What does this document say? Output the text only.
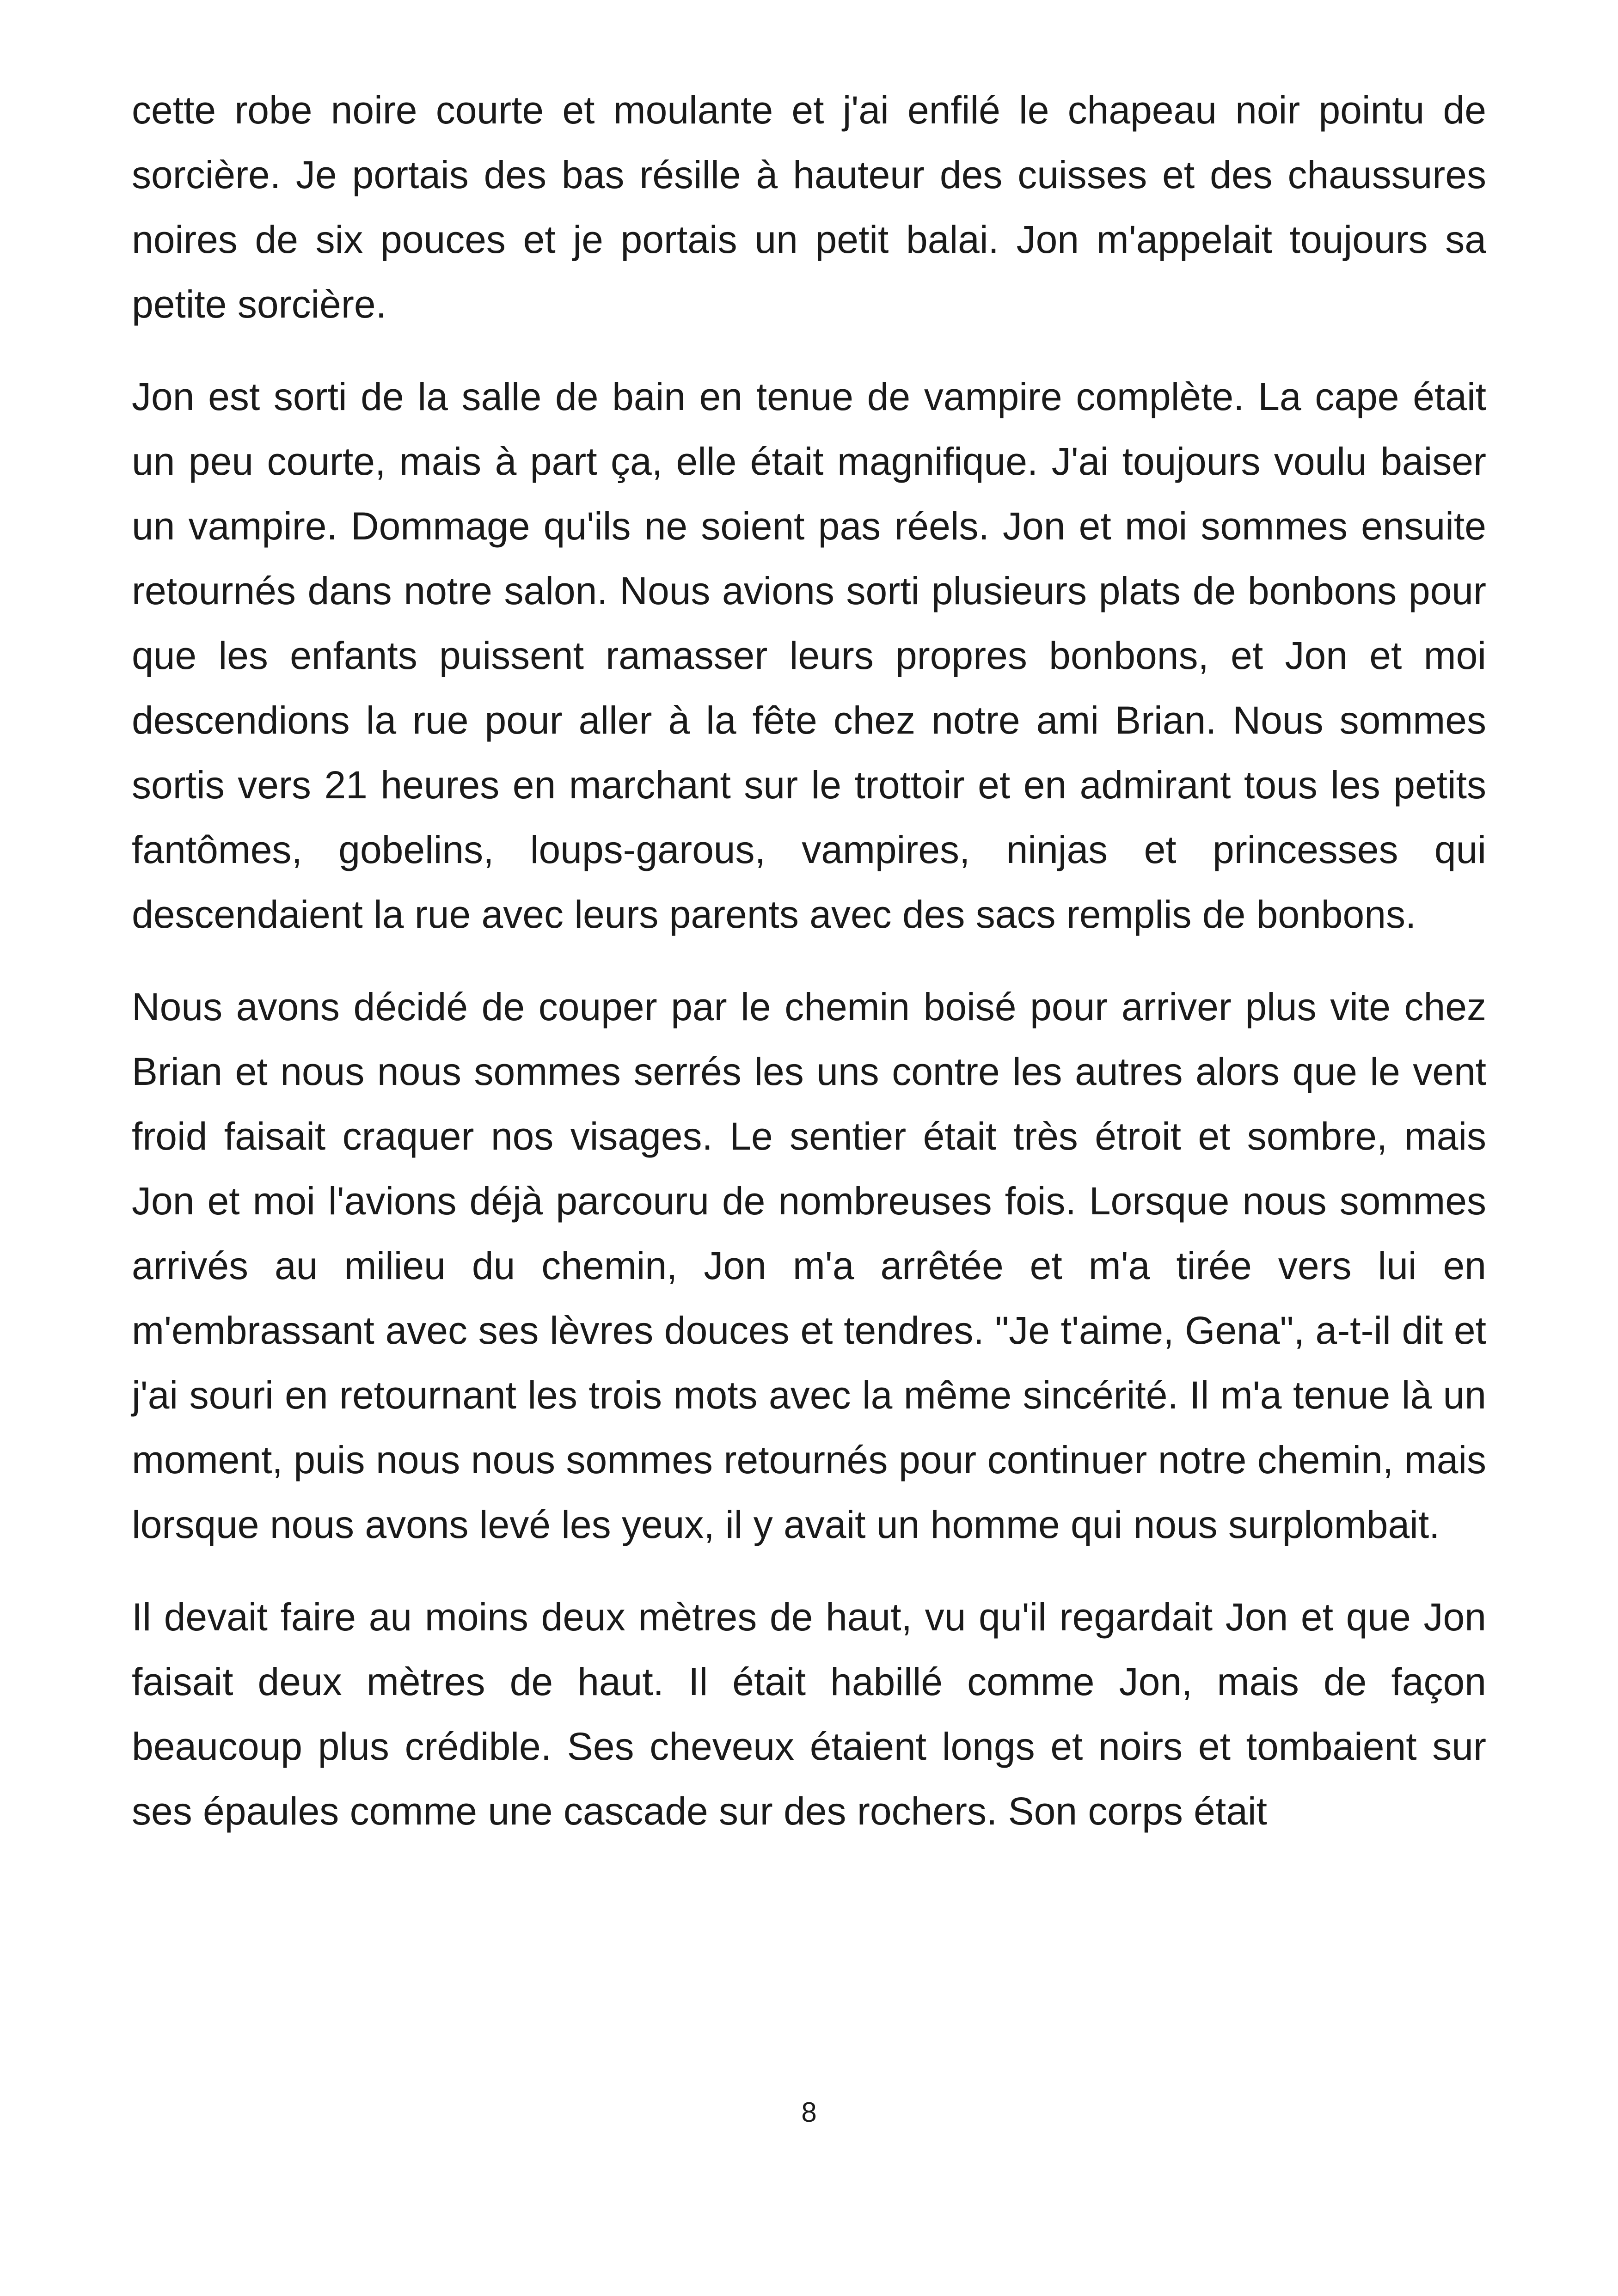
cette robe noire courte et moulante et j'ai enfilé le chapeau noir pointu de sorcière. Je portais des bas résille à hauteur des cuisses et des chaussures noires de six pouces et je portais un petit balai. Jon m'appelait toujours sa petite sorcière.

Jon est sorti de la salle de bain en tenue de vampire complète. La cape était un peu courte, mais à part ça, elle était magnifique. J'ai toujours voulu baiser un vampire. Dommage qu'ils ne soient pas réels. Jon et moi sommes ensuite retournés dans notre salon. Nous avions sorti plusieurs plats de bonbons pour que les enfants puissent ramasser leurs propres bonbons, et Jon et moi descendions la rue pour aller à la fête chez notre ami Brian. Nous sommes sortis vers 21 heures en marchant sur le trottoir et en admirant tous les petits fantômes, gobelins, loups-garous, vampires, ninjas et princesses qui descendaient la rue avec leurs parents avec des sacs remplis de bonbons.

Nous avons décidé de couper par le chemin boisé pour arriver plus vite chez Brian et nous nous sommes serrés les uns contre les autres alors que le vent froid faisait craquer nos visages. Le sentier était très étroit et sombre, mais Jon et moi l'avions déjà parcouru de nombreuses fois. Lorsque nous sommes arrivés au milieu du chemin, Jon m'a arrêtée et m'a tirée vers lui en m'embrassant avec ses lèvres douces et tendres. "Je t'aime, Gena", a-t-il dit et j'ai souri en retournant les trois mots avec la même sincérité. Il m'a tenue là un moment, puis nous nous sommes retournés pour continuer notre chemin, mais lorsque nous avons levé les yeux, il y avait un homme qui nous surplombait.

Il devait faire au moins deux mètres de haut, vu qu'il regardait Jon et que Jon faisait deux mètres de haut. Il était habillé comme Jon, mais de façon beaucoup plus crédible. Ses cheveux étaient longs et noirs et tombaient sur ses épaules comme une cascade sur des rochers. Son corps était

8
